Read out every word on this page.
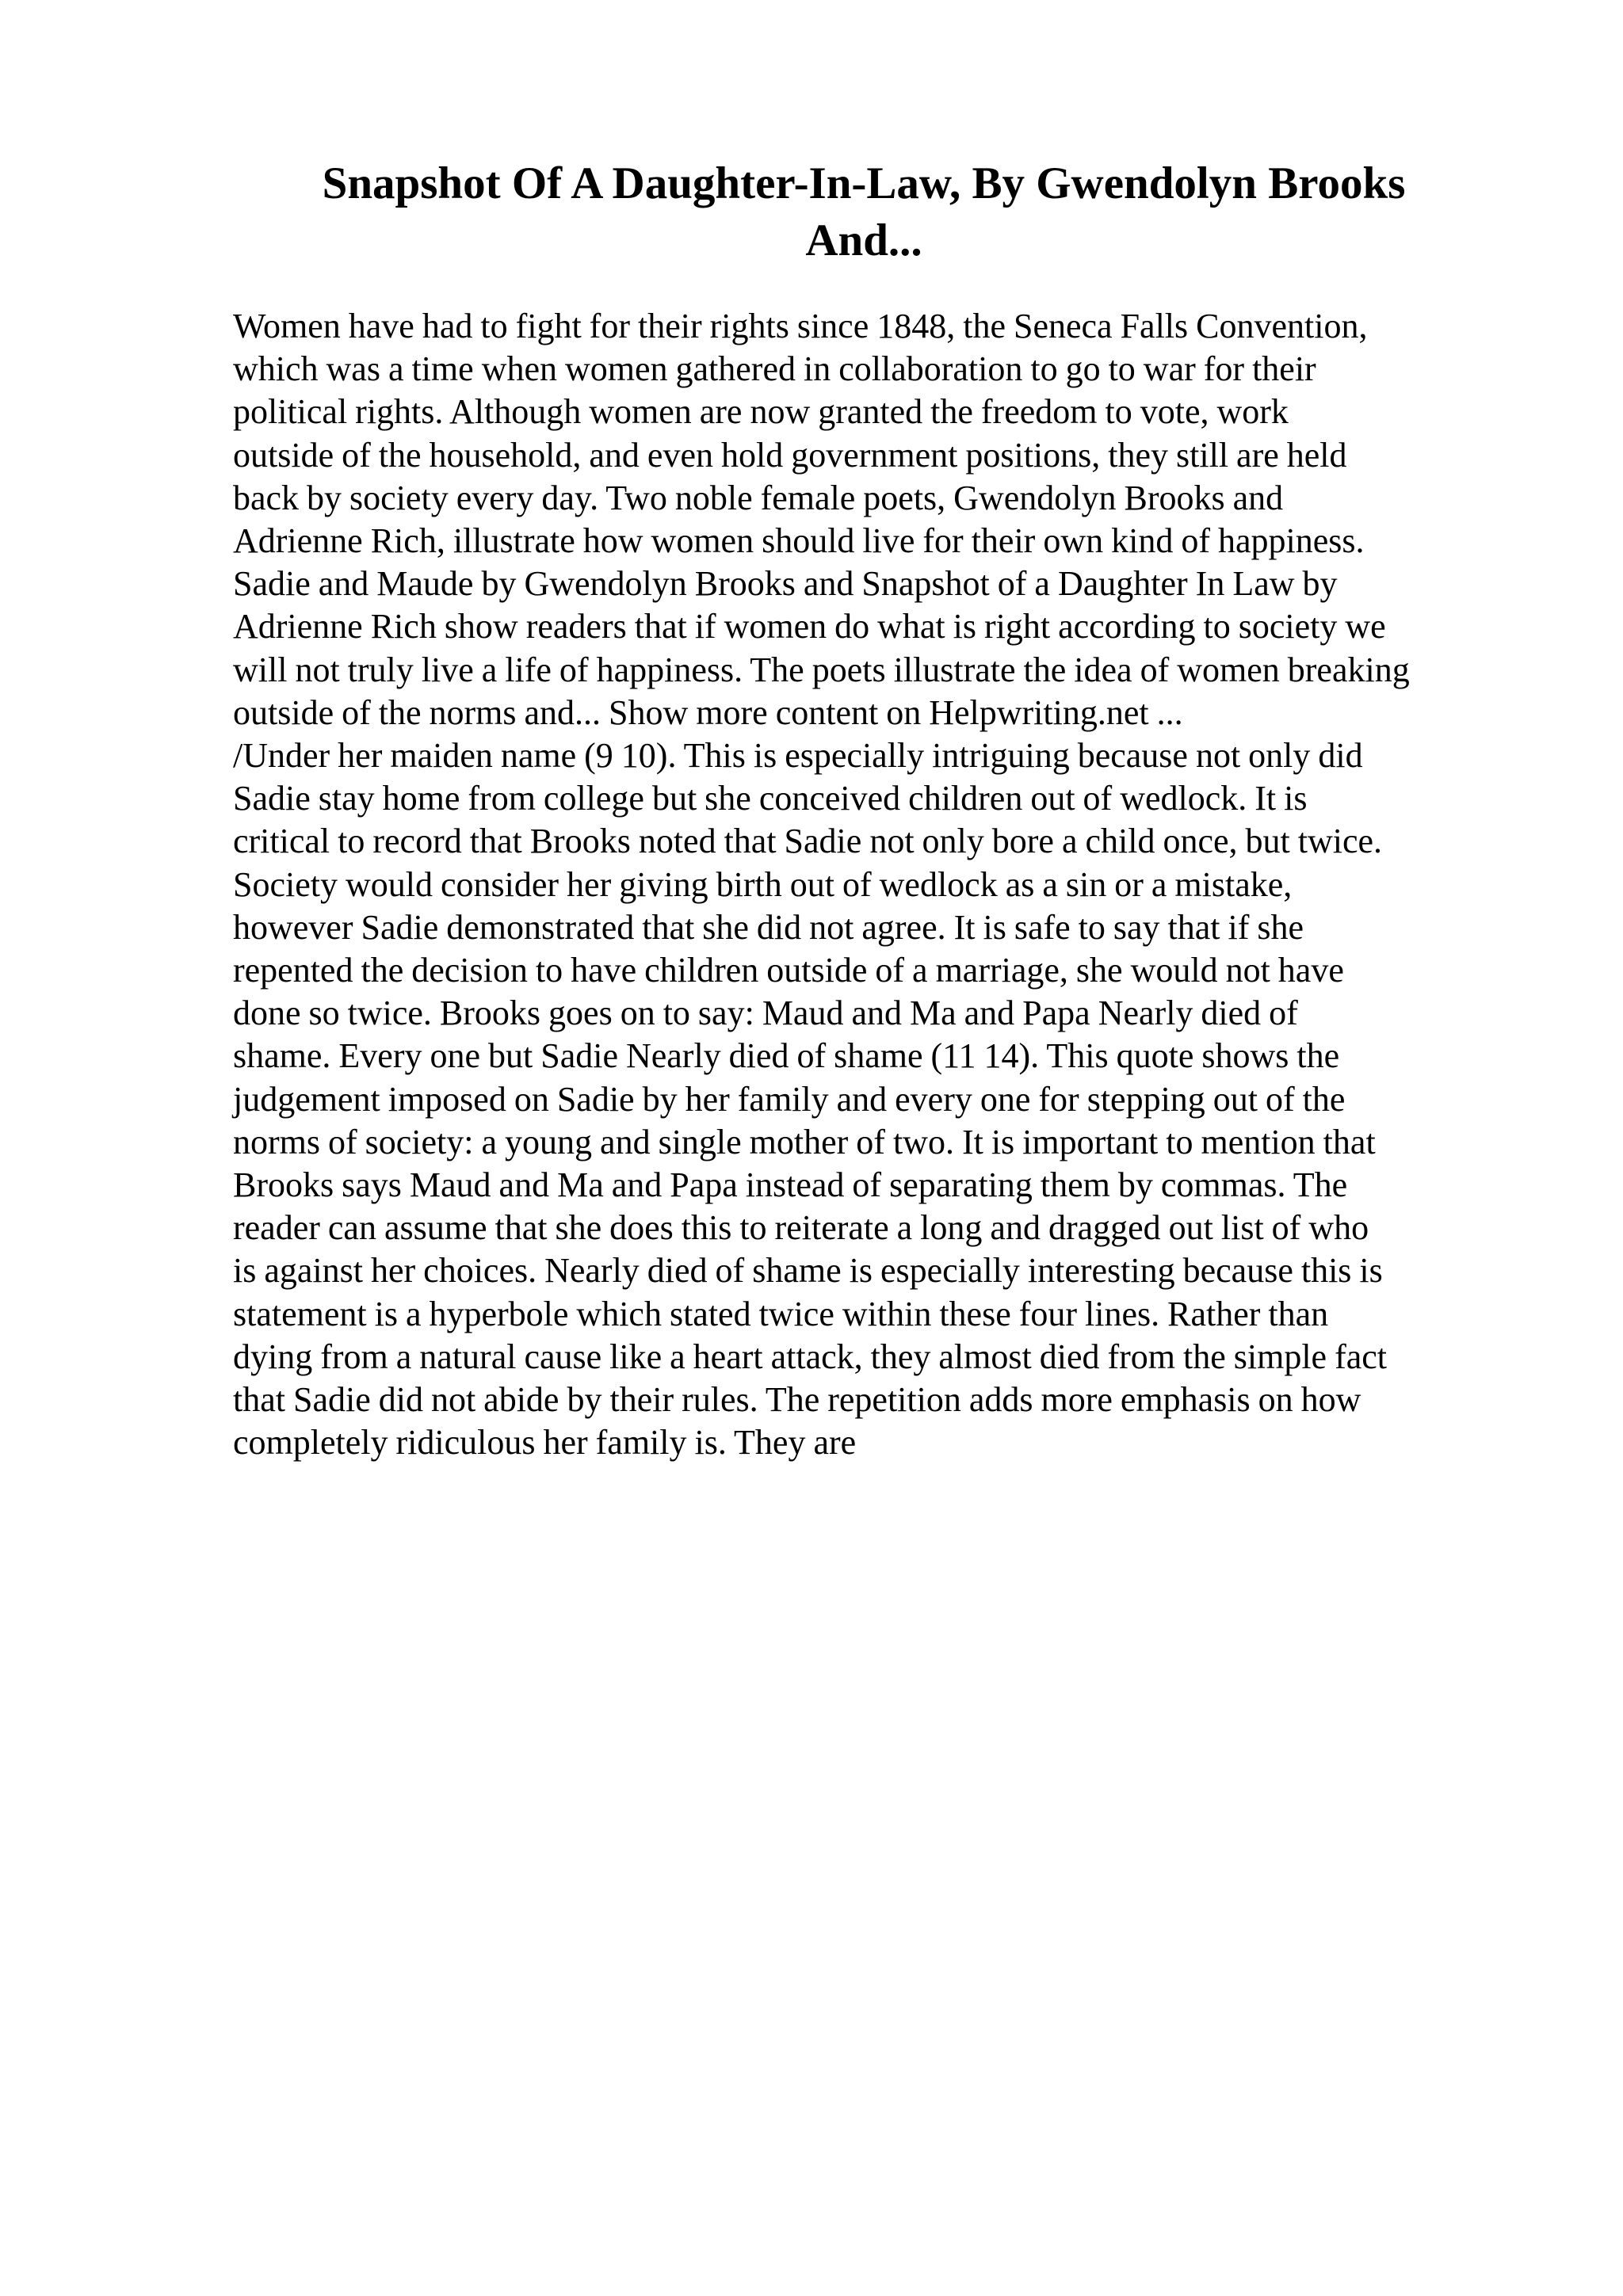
Snapshot Of A Daughter-In-Law, By Gwendolyn Brooks
And...

Women have had to fight for their rights since 1848, the Seneca Falls Convention,
which was a time when women gathered in collaboration to go to war for their
political rights. Although women are now granted the freedom to vote, work
outside of the household, and even hold government positions, they still are held
back by society every day. Two noble female poets, Gwendolyn Brooks and
Adrienne Rich, illustrate how women should live for their own kind of happiness.
Sadie and Maude by Gwendolyn Brooks and Snapshot of a Daughter In Law by
Adrienne Rich show readers that if women do what is right according to society we
will not truly live a life of happiness. The poets illustrate the idea of women breaking
outside of the norms and... Show more content on Helpwriting.net ...
/Under her maiden name (9 10). This is especially intriguing because not only did
Sadie stay home from college but she conceived children out of wedlock. It is
critical to record that Brooks noted that Sadie not only bore a child once, but twice.
Society would consider her giving birth out of wedlock as a sin or a mistake,
however Sadie demonstrated that she did not agree. It is safe to say that if she
repented the decision to have children outside of a marriage, she would not have
done so twice. Brooks goes on to say: Maud and Ma and Papa Nearly died of
shame. Every one but Sadie Nearly died of shame (11 14). This quote shows the
judgement imposed on Sadie by her family and every one for stepping out of the
norms of society: a young and single mother of two. It is important to mention that
Brooks says Maud and Ma and Papa instead of separating them by commas. The
reader can assume that she does this to reiterate a long and dragged out list of who
is against her choices. Nearly died of shame is especially interesting because this is
statement is a hyperbole which stated twice within these four lines. Rather than
dying from a natural cause like a heart attack, they almost died from the simple fact
that Sadie did not abide by their rules. The repetition adds more emphasis on how
completely ridiculous her family is. They are
